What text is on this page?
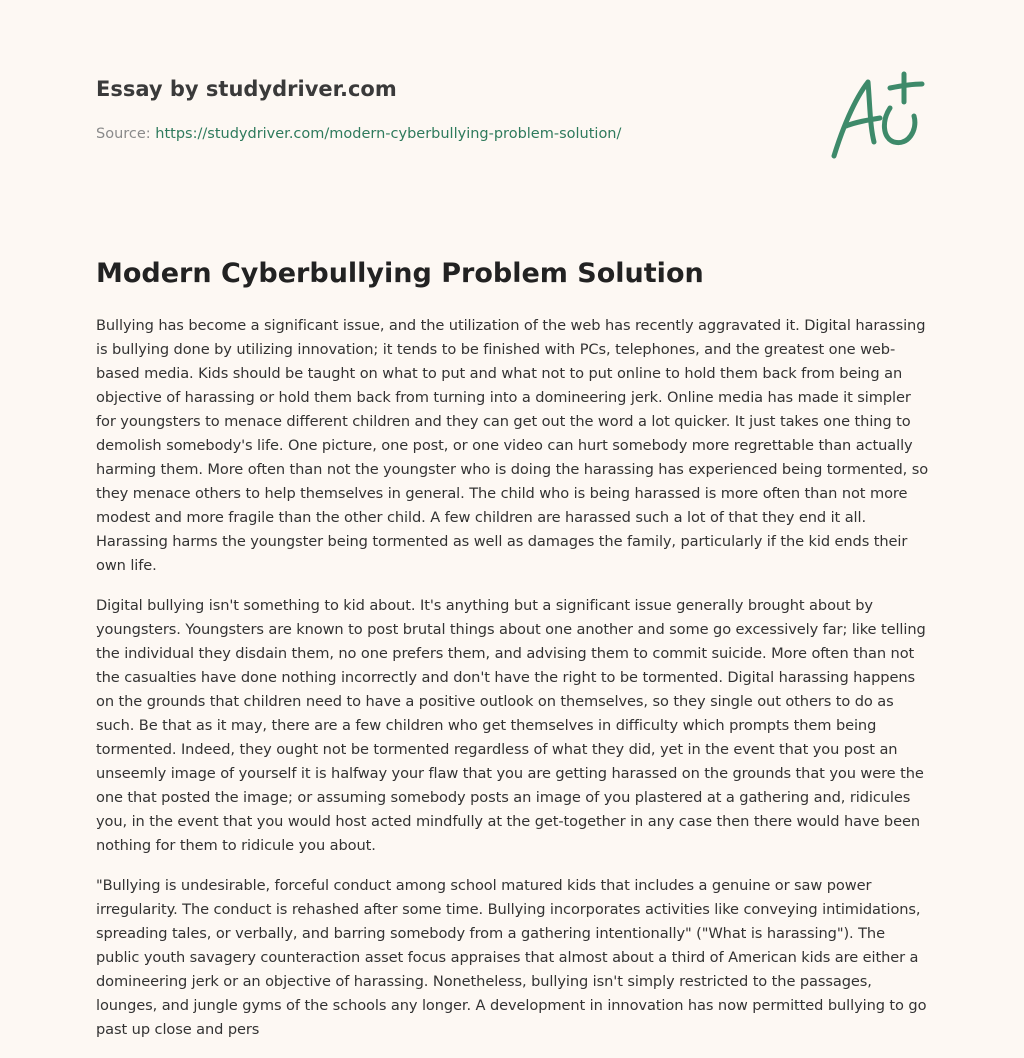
Essay by studydriver.com
Source: https://studydriver.com/modern-cyberbullying-problem-solution/
Modern Cyberbullying Problem Solution

Bullying has become a significant issue, and the utilization of the web has recently aggravated it. Digital harassing is bullying done by utilizing innovation; it tends to be finished with PCs, telephones, and the greatest one web-based media. Kids should be taught on what to put and what not to put online to hold them back from being an objective of harassing or hold them back from turning into a domineering jerk. Online media has made it simpler for youngsters to menace different children and they can get out the word a lot quicker. It just takes one thing to demolish somebody's life. One picture, one post, or one video can hurt somebody more regrettable than actually harming them. More often than not the youngster who is doing the harassing has experienced being tormented, so they menace others to help themselves in general. The child who is being harassed is more often than not more modest and more fragile than the other child. A few children are harassed such a lot of that they end it all. Harassing harms the youngster being tormented as well as damages the family, particularly if the kid ends their own life.

Digital bullying isn't something to kid about. It's anything but a significant issue generally brought about by youngsters. Youngsters are known to post brutal things about one another and some go excessively far; like telling the individual they disdain them, no one prefers them, and advising them to commit suicide. More often than not the casualties have done nothing incorrectly and don't have the right to be tormented. Digital harassing happens on the grounds that children need to have a positive outlook on themselves, so they single out others to do as such. Be that as it may, there are a few children who get themselves in difficulty which prompts them being tormented. Indeed, they ought not be tormented regardless of what they did, yet in the event that you post an unseemly image of yourself it is halfway your flaw that you are getting harassed on the grounds that you were the one that posted the image; or assuming somebody posts an image of you plastered at a gathering and, ridicules you, in the event that you would host acted mindfully at the get-together in any case then there would have been nothing for them to ridicule you about.

"Bullying is undesirable, forceful conduct among school matured kids that includes a genuine or saw power irregularity. The conduct is rehashed after some time. Bullying incorporates activities like conveying intimidations, spreading tales, or verbally, and barring somebody from a gathering intentionally" ("What is harassing"). The public youth savagery counteraction asset focus appraises that almost about a third of American kids are either a domineering jerk or an objective of harassing. Nonetheless, bullying isn't simply restricted to the passages, lounges, and jungle gyms of the schools any longer. A development in innovation has now permitted bullying to go past up close and pers
